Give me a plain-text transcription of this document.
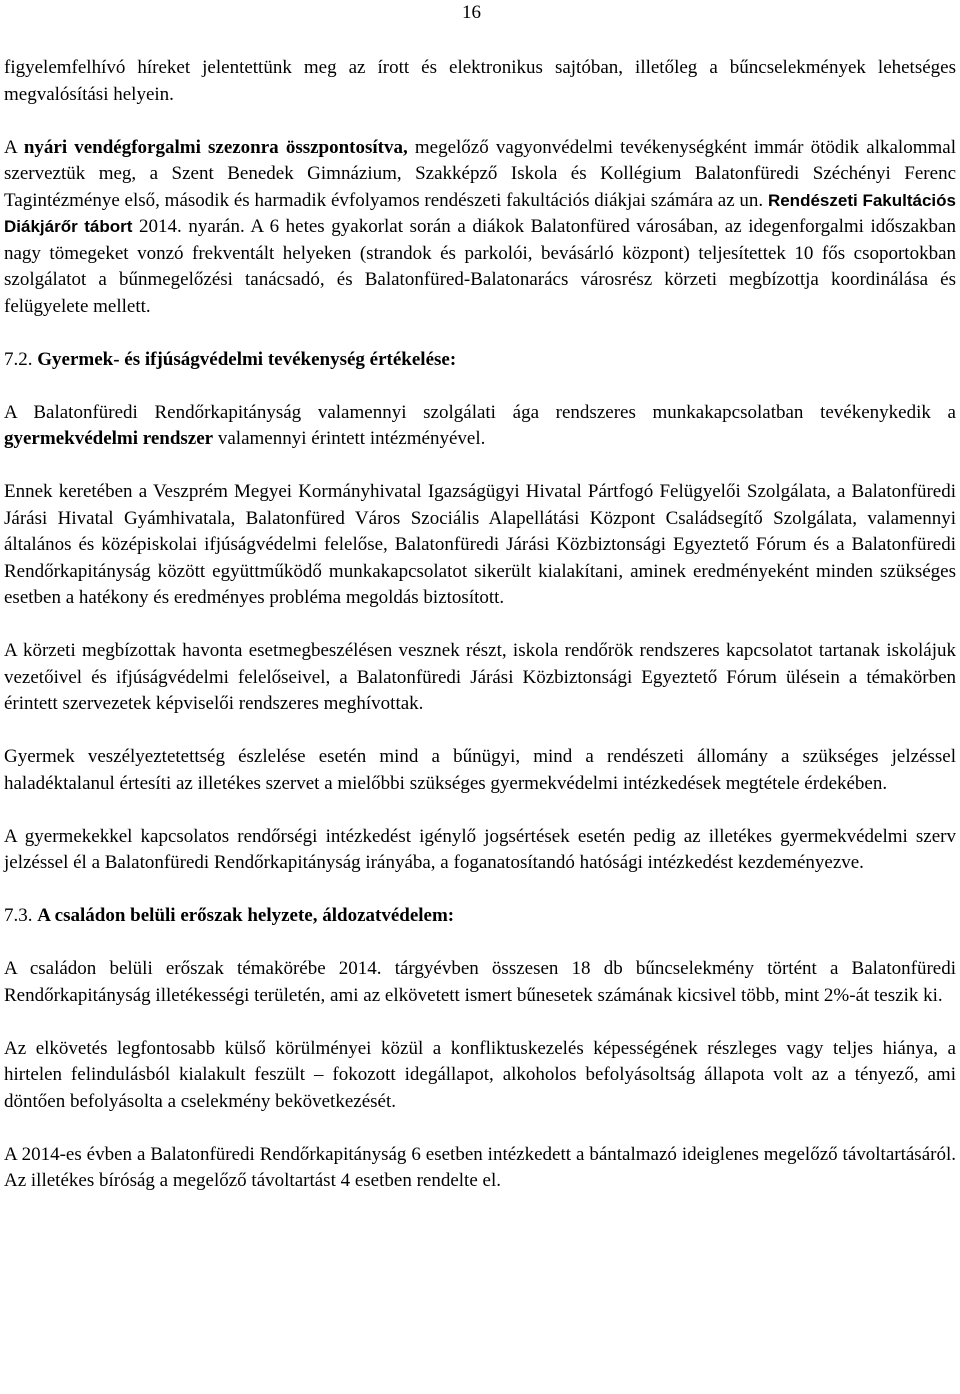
16

figyelemfelhívó híreket jelentettünk meg az írott és elektronikus sajtóban, illetőleg a bűncselekmények lehetséges megvalósítási helyein.

A nyári vendégforgalmi szezonra összpontosítva, megelőző vagyonvédelmi tevékenységként immár ötödik alkalommal szerveztük meg, a Szent Benedek Gimnázium, Szakképző Iskola és Kollégium Balatonfüredi Széchényi Ferenc Tagintézménye első, második és harmadik évfolyamos rendészeti fakultációs diákjai számára az un. Rendészeti Fakultációs Diákjárőr tábort 2014. nyarán. A 6 hetes gyakorlat során a diákok Balatonfüred városában, az idegenforgalmi időszakban nagy tömegeket vonzó frekventált helyeken (strandok és parkolói, bevásárló központ) teljesítettek 10 fős csoportokban szolgálatot a bűnmegelőzési tanácsadó, és Balatonfüred-Balatonarács városrész körzeti megbízottja koordinálása és felügyelete mellett.

7.2. Gyermek- és ifjúságvédelmi tevékenység értékelése:

A Balatonfüredi Rendőrkapitányság valamennyi szolgálati ága rendszeres munkakapcsolatban tevékenykedik a gyermekvédelmi rendszer valamennyi érintett intézményével.

Ennek keretében a Veszprém Megyei Kormányhivatal Igazságügyi Hivatal Pártfogó Felügyelői Szolgálata, a Balatonfüredi Járási Hivatal Gyámhivatala, Balatonfüred Város Szociális Alapellátási Központ Családsegítő Szolgálata, valamennyi általános és középiskolai ifjúságvédelmi felelőse, Balatonfüredi Járási Közbiztonsági Egyeztető Fórum és a Balatonfüredi Rendőrkapitányság között együttműködő munkakapcsolatot sikerült kialakítani, aminek eredményeként minden szükséges esetben a hatékony és eredményes probléma megoldás biztosított.

A körzeti megbízottak havonta esetmegbeszélésen vesznek részt, iskola rendőrök rendszeres kapcsolatot tartanak iskolájuk vezetőivel és ifjúságvédelmi felelőseivel, a Balatonfüredi Járási Közbiztonsági Egyeztető Fórum ülésein a témakörben érintett szervezetek képviselői rendszeres meghívottak.

Gyermek veszélyeztetettség észlelése esetén mind a bűnügyi, mind a rendészeti állomány a szükséges jelzéssel haladéktalanul értesíti az illetékes szervet a mielőbbi szükséges gyermekvédelmi intézkedések megtétele érdekében.

A gyermekekkel kapcsolatos rendőrségi intézkedést igénylő jogsértések esetén pedig az illetékes gyermekvédelmi szerv jelzéssel él a Balatonfüredi Rendőrkapitányság irányába, a foganatosítandó hatósági intézkedést kezdeményezve.

7.3. A családon belüli erőszak helyzete, áldozatvédelem:

A családon belüli erőszak témakörébe 2014. tárgyévben összesen 18 db bűncselekmény történt a Balatonfüredi Rendőrkapitányság illetékességi területén, ami az elkövetett ismert bűnesetek számának kicsivel több, mint 2%-át teszik ki.

Az elkövetés legfontosabb külső körülményei közül a konfliktuskezelés képességének részleges vagy teljes hiánya, a hirtelen felindulásból kialakult feszült – fokozott idegállapot, alkoholos befolyásoltság állapota volt az a tényező, ami döntően befolyásolta a cselekmény bekövetkezését.

A 2014-es évben a Balatonfüredi Rendőrkapitányság 6 esetben intézkedett a bántalmazó ideiglenes megelőző távoltartásáról. Az illetékes bíróság a megelőző távoltartást 4 esetben rendelte el.
